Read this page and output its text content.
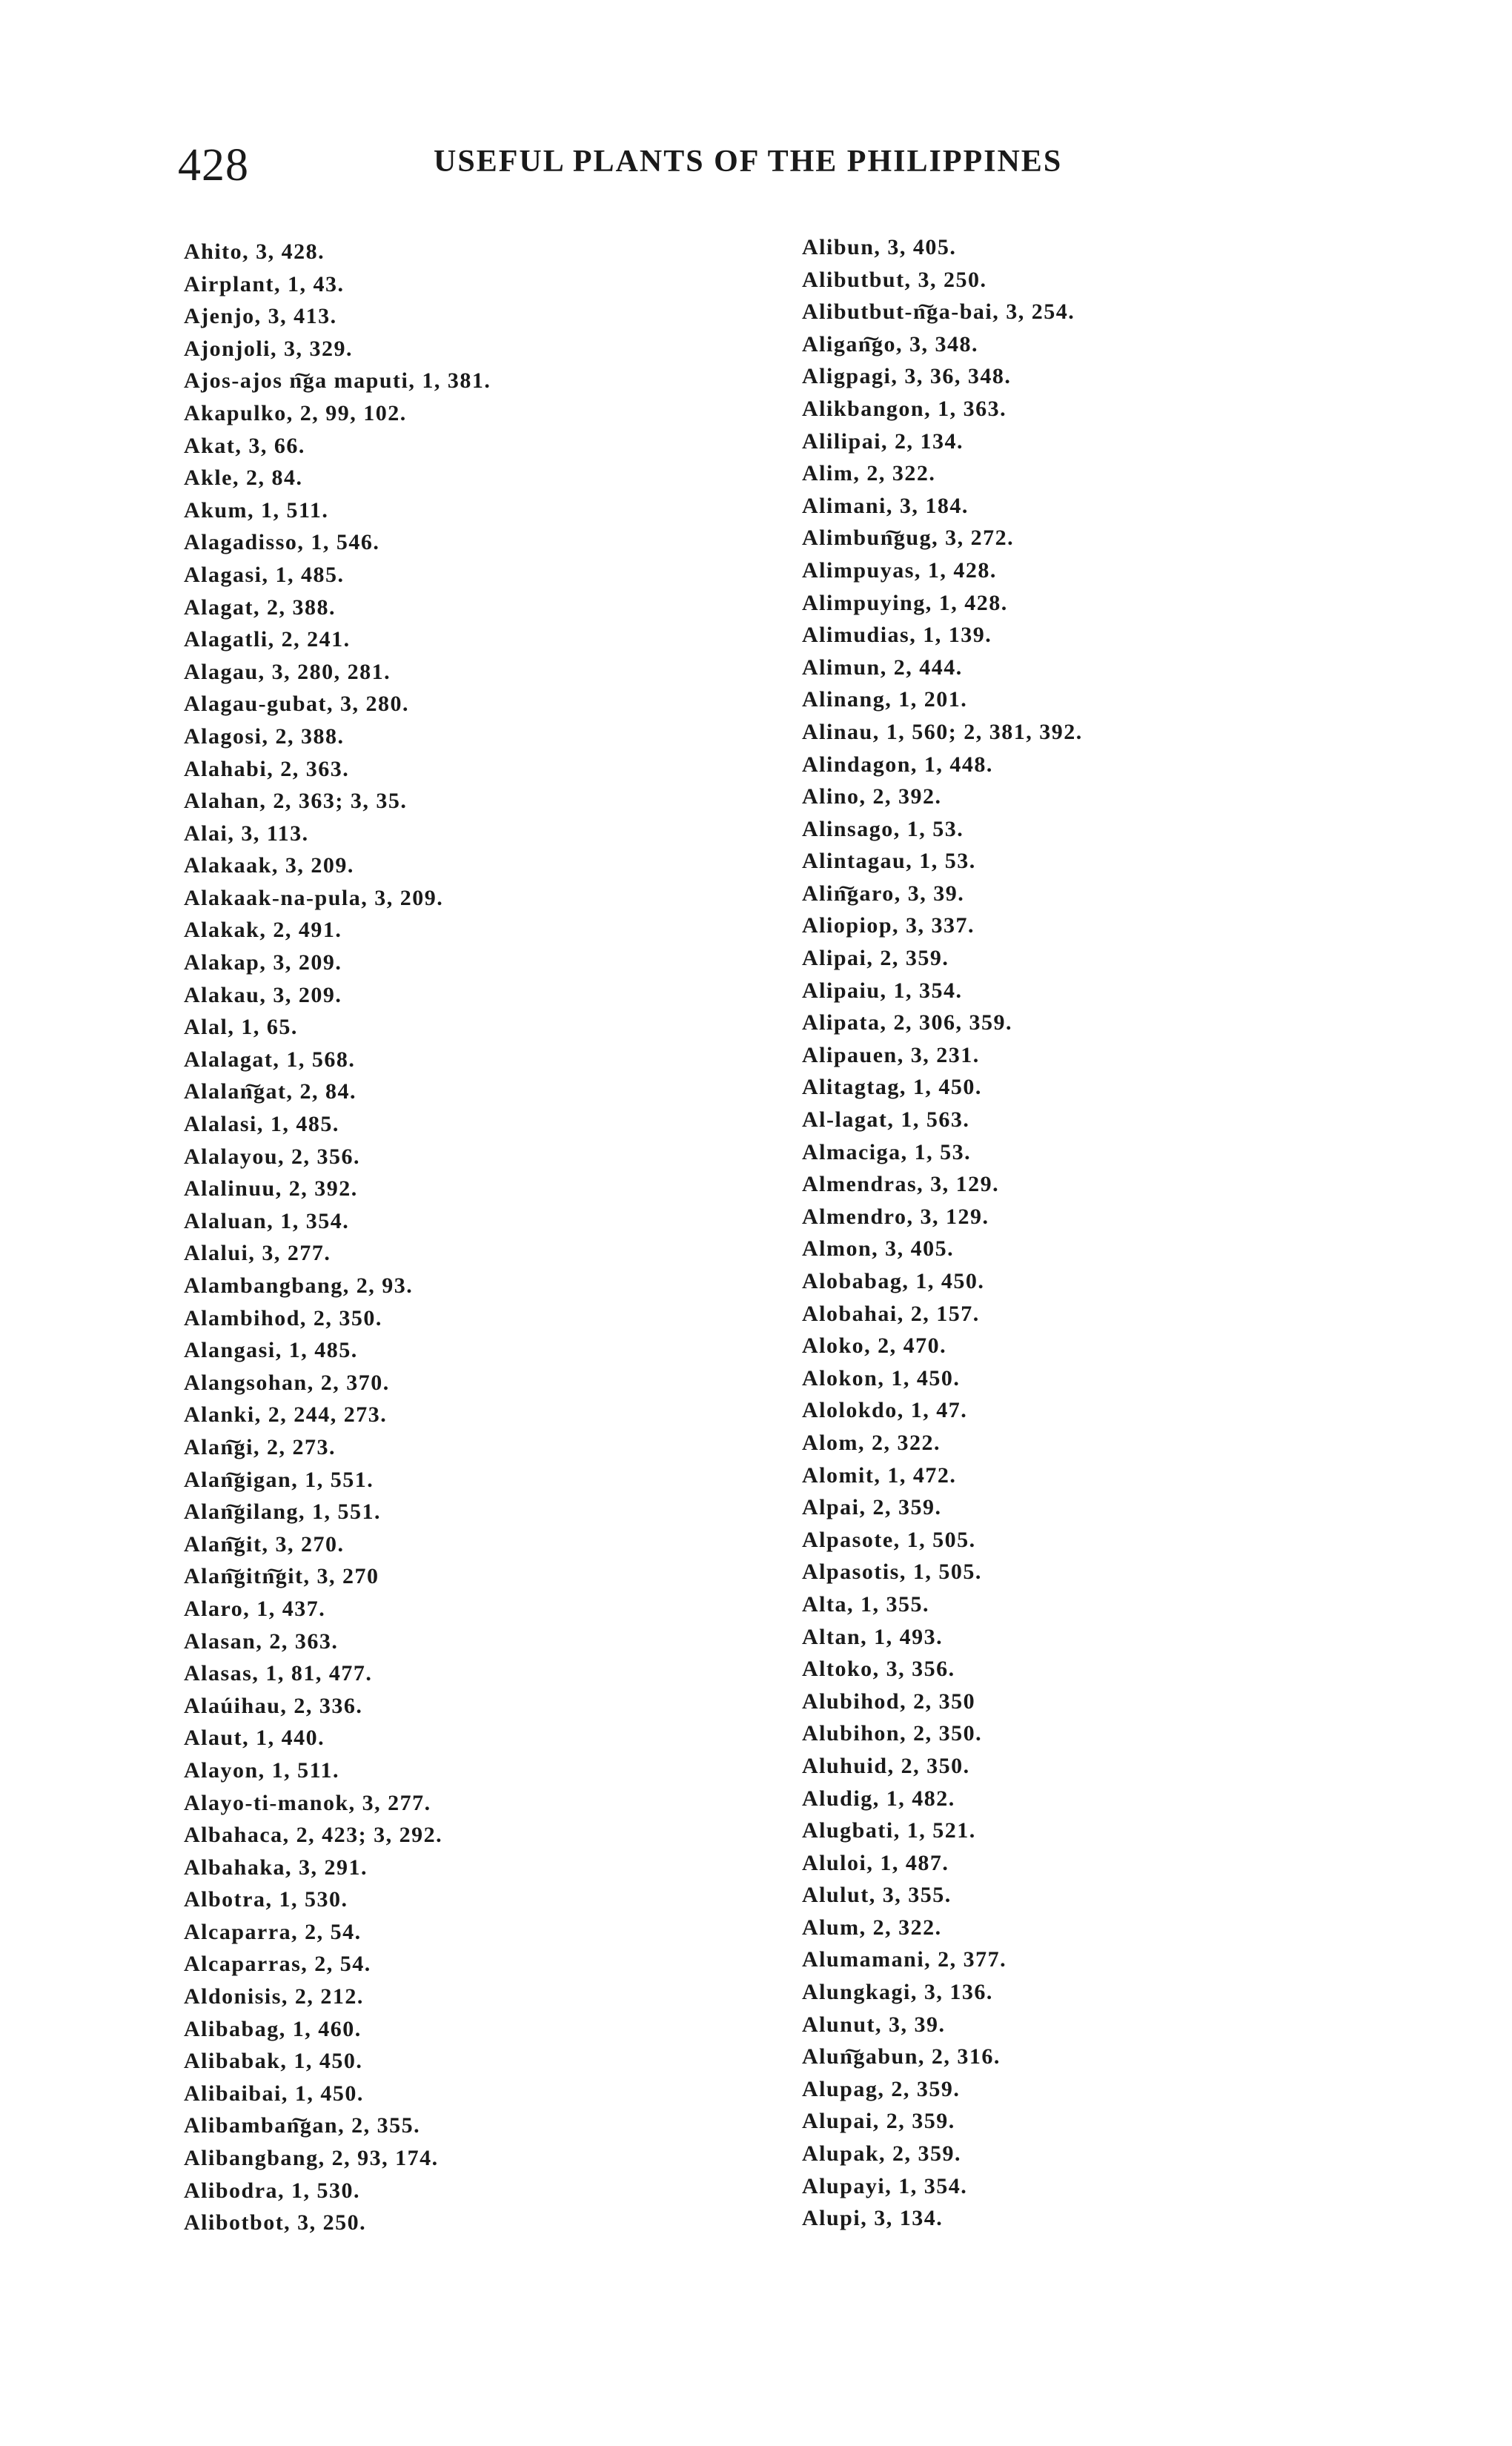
428	USEFUL PLANTS OF THE PHILIPPINES
Ahito, 3, 428.
Airplant, 1, 43.
Ajenjo, 3, 413.
Ajonjoli, 3, 329.
Ajos-ajos n͠ga maputi, 1, 381.
Akapulko, 2, 99, 102.
Akat, 3, 66.
Akle, 2, 84.
Akum, 1, 511.
Alagadisso, 1, 546.
Alagasi, 1, 485.
Alagat, 2, 388.
Alagatli, 2, 241.
Alagau, 3, 280, 281.
Alagau-gubat, 3, 280.
Alagosi, 2, 388.
Alahabi, 2, 363.
Alahan, 2, 363; 3, 35.
Alai, 3, 113.
Alakaak, 3, 209.
Alakaak-na-pula, 3, 209.
Alakak, 2, 491.
Alakap, 3, 209.
Alakau, 3, 209.
Alal, 1, 65.
Alalagat, 1, 568.
Alalan͠gat, 2, 84.
Alalasi, 1, 485.
Alalayou, 2, 356.
Alalinuu, 2, 392.
Alaluan, 1, 354.
Alalui, 3, 277.
Alambangbang, 2, 93.
Alambihod, 2, 350.
Alangasi, 1, 485.
Alangsohan, 2, 370.
Alanki, 2, 244, 273.
Alan͠gi, 2, 273.
Alan͠gigan, 1, 551.
Alan͠gilang, 1, 551.
Alan͠git, 3, 270.
Alan͠gitn͠git, 3, 270
Alaro, 1, 437.
Alasan, 2, 363.
Alasas, 1, 81, 477.
Alaúihau, 2, 336.
Alaut, 1, 440.
Alayon, 1, 511.
Alayo-ti-manok, 3, 277.
Albahaca, 2, 423; 3, 292.
Albahaka, 3, 291.
Albotra, 1, 530.
Alcaparra, 2, 54.
Alcaparras, 2, 54.
Aldonisis, 2, 212.
Alibabag, 1, 460.
Alibabak, 1, 450.
Alibaibai, 1, 450.
Alibamban͠gan, 2, 355.
Alibangbang, 2, 93, 174.
Alibodra, 1, 530.
Alibotbot, 3, 250.
Alibun, 3, 405.
Alibutbut, 3, 250.
Alibutbut-n͠ga-bai, 3, 254.
Aligan͠go, 3, 348.
Aligpagi, 3, 36, 348.
Alikbangon, 1, 363.
Alilipai, 2, 134.
Alim, 2, 322.
Alimani, 3, 184.
Alimbun͠gug, 3, 272.
Alimpuyas, 1, 428.
Alimpuying, 1, 428.
Alimudias, 1, 139.
Alimun, 2, 444.
Alinang, 1, 201.
Alinau, 1, 560; 2, 381, 392.
Alindagon, 1, 448.
Alino, 2, 392.
Alinsago, 1, 53.
Alintagau, 1, 53.
Alin͠garo, 3, 39.
Aliopiop, 3, 337.
Alipai, 2, 359.
Alipaiu, 1, 354.
Alipata, 2, 306, 359.
Alipauen, 3, 231.
Alitagtag, 1, 450.
Al-lagat, 1, 563.
Almaciga, 1, 53.
Almendras, 3, 129.
Almendro, 3, 129.
Almon, 3, 405.
Alobabag, 1, 450.
Alobahai, 2, 157.
Aloko, 2, 470.
Alokon, 1, 450.
Alolokdo, 1, 47.
Alom, 2, 322.
Alomit, 1, 472.
Alpai, 2, 359.
Alpasote, 1, 505.
Alpasotis, 1, 505.
Alta, 1, 355.
Altan, 1, 493.
Altoko, 3, 356.
Alubihod, 2, 350
Alubihon, 2, 350.
Aluhuid, 2, 350.
Aludig, 1, 482.
Alugbati, 1, 521.
Aluloi, 1, 487.
Alulut, 3, 355.
Alum, 2, 322.
Alumamani, 2, 377.
Alungkagi, 3, 136.
Alunut, 3, 39.
Alun͠gabun, 2, 316.
Alupag, 2, 359.
Alupai, 2, 359.
Alupak, 2, 359.
Alupayi, 1, 354.
Alupi, 3, 134.
